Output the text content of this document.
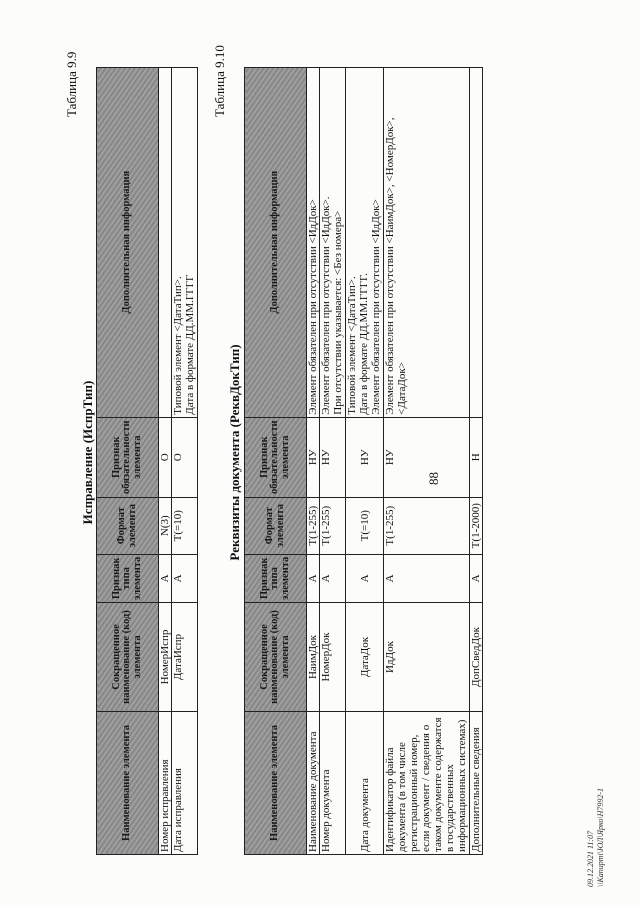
88
Таблица 9.9
Исправление (ИспрТип)
Наименование элемента	Сокращенное наименование (код) элемента	Признак типа элемента	Формат элемента	Признак обязательности элемента	Дополнительная информация
Номер исправления	НомерИспр	А	N(3)	О	
Дата исправления	ДатаИспр	А	Т(=10)	О	Типовой элемент <ДатаТип>.
Дата в формате ДД.ММ.ГГГГ
Таблица 9.10
Реквизиты документа (РеквДокТип)
Наименование элемента	Сокращенное наименование (код) элемента	Признак типа элемента	Формат элемента	Признак обязательности элемента	Дополнительная информация
Наименование документа	НаимДок	А	Т(1-255)	НУ	Элемент обязателен при отсутствии <ИдДок>
Номер документа	НомерДок	А	Т(1-255)	НУ	Элемент обязателен при отсутствии <ИдДок>.
При отсутствии указывается: <Без номера>
Дата документа	ДатаДок	А	Т(=10)	НУ	Типовой элемент <ДатаТип>.
Дата в формате ДД.ММ.ГГГГ.
Элемент обязателен при отсутствии <ИдДок>
Идентификатор файла документа (в том числе регистрационный номер, если документ / сведения о таком документе содержатся в государственных информационных системах)	ИдДок	А	Т(1-255)	НУ	Элемент обязателен при отсутствии <НаимДок>, <НомерДок>, <ДатаДок>
Дополнительные сведения	ДопСведДок	А	Т(1-2000)	Н	
09.12.2021 11:07 \\Kanupmi\ЮЛ\Ярко\Н7992-1
